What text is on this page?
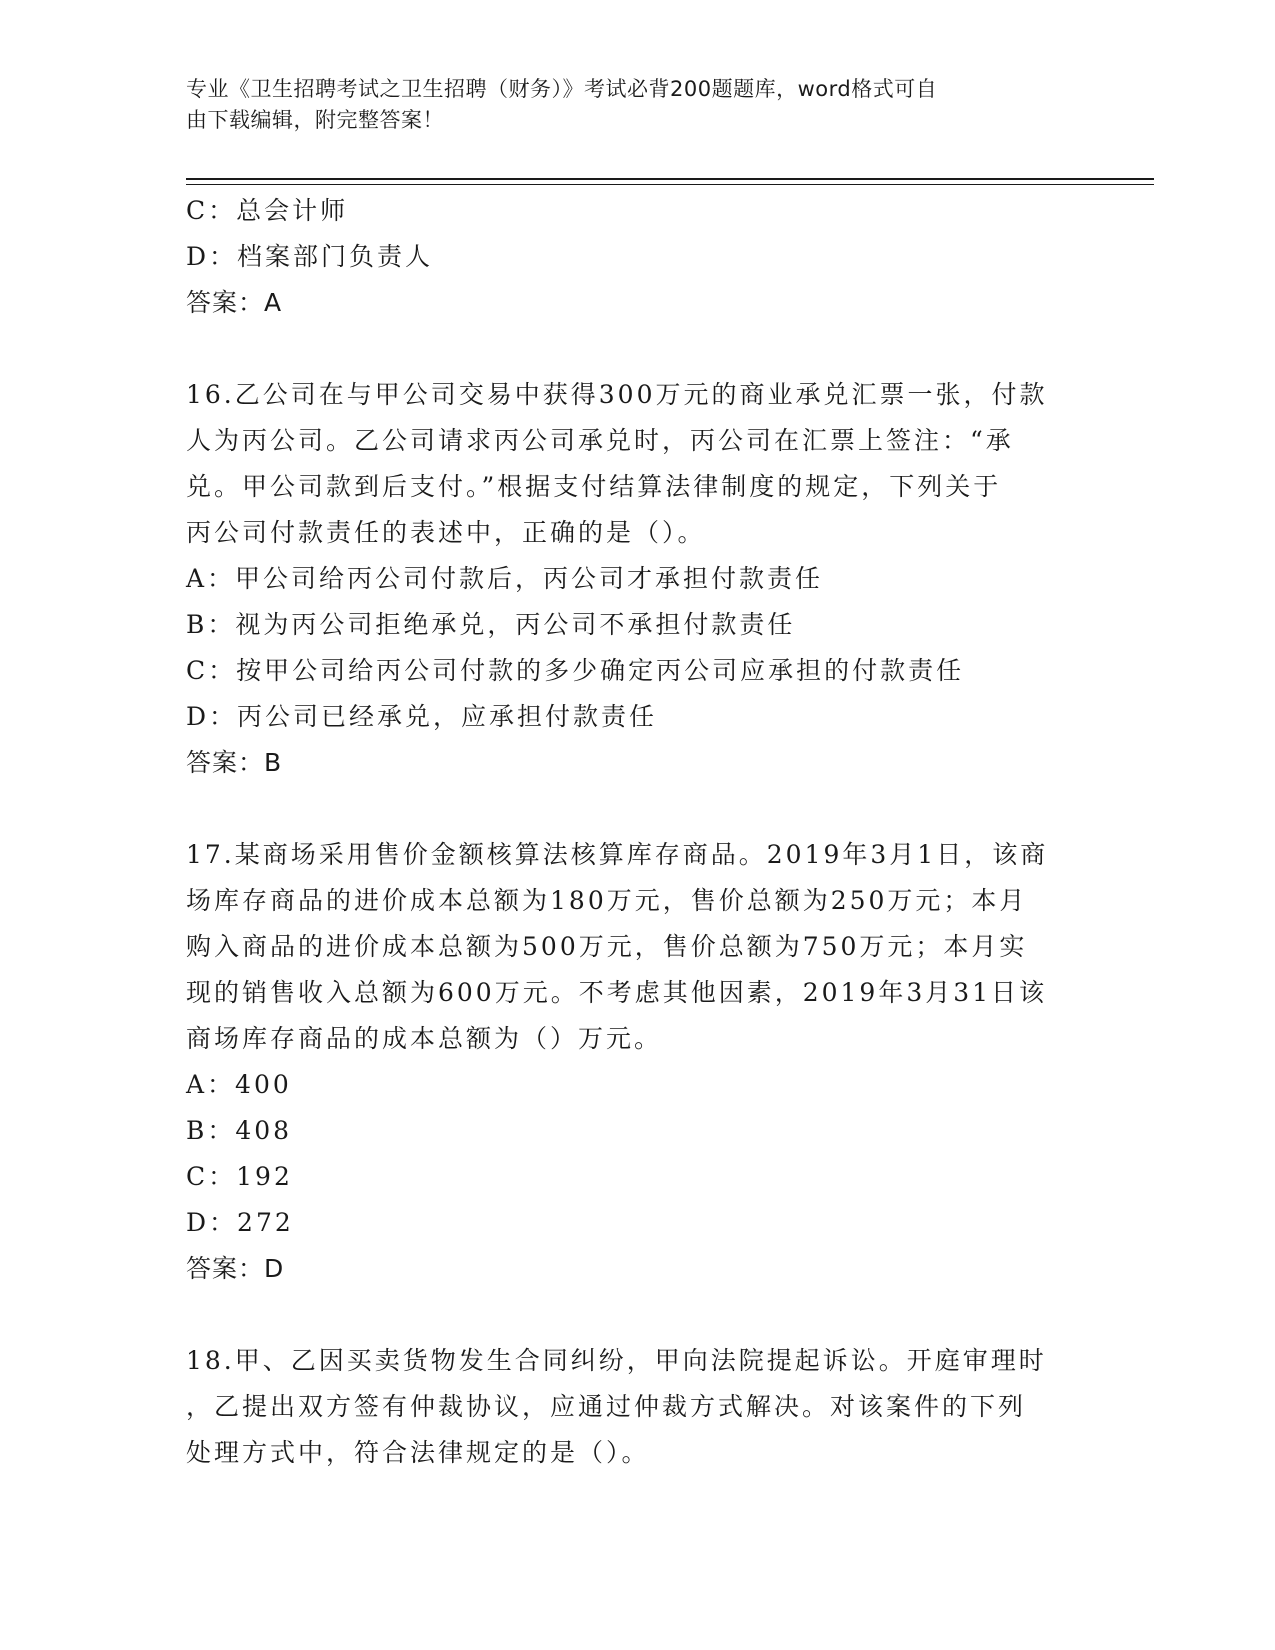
专业《卫生招聘考试之卫生招聘（财务）》考试必背200题题库，word格式可自
由下载编辑，附完整答案！
C：总会计师
D：档案部门负责人
答案：A
16.乙公司在与甲公司交易中获得300万元的商业承兑汇票一张，付款
人为丙公司。乙公司请求丙公司承兑时，丙公司在汇票上签注：“承
兑。甲公司款到后支付。”根据支付结算法律制度的规定，下列关于
丙公司付款责任的表述中，正确的是（）。
A：甲公司给丙公司付款后，丙公司才承担付款责任
B：视为丙公司拒绝承兑，丙公司不承担付款责任
C：按甲公司给丙公司付款的多少确定丙公司应承担的付款责任
D：丙公司已经承兑，应承担付款责任
答案：B
17.某商场采用售价金额核算法核算库存商品。2019年3月1日，该商
场库存商品的进价成本总额为180万元，售价总额为250万元；本月
购入商品的进价成本总额为500万元，售价总额为750万元；本月实
现的销售收入总额为600万元。不考虑其他因素，2019年3月31日该
商场库存商品的成本总额为（）万元。
A：400
B：408
C：192
D：272
答案：D
18.甲、乙因买卖货物发生合同纠纷，甲向法院提起诉讼。开庭审理时
，乙提出双方签有仲裁协议，应通过仲裁方式解决。对该案件的下列
处理方式中，符合法律规定的是（）。
